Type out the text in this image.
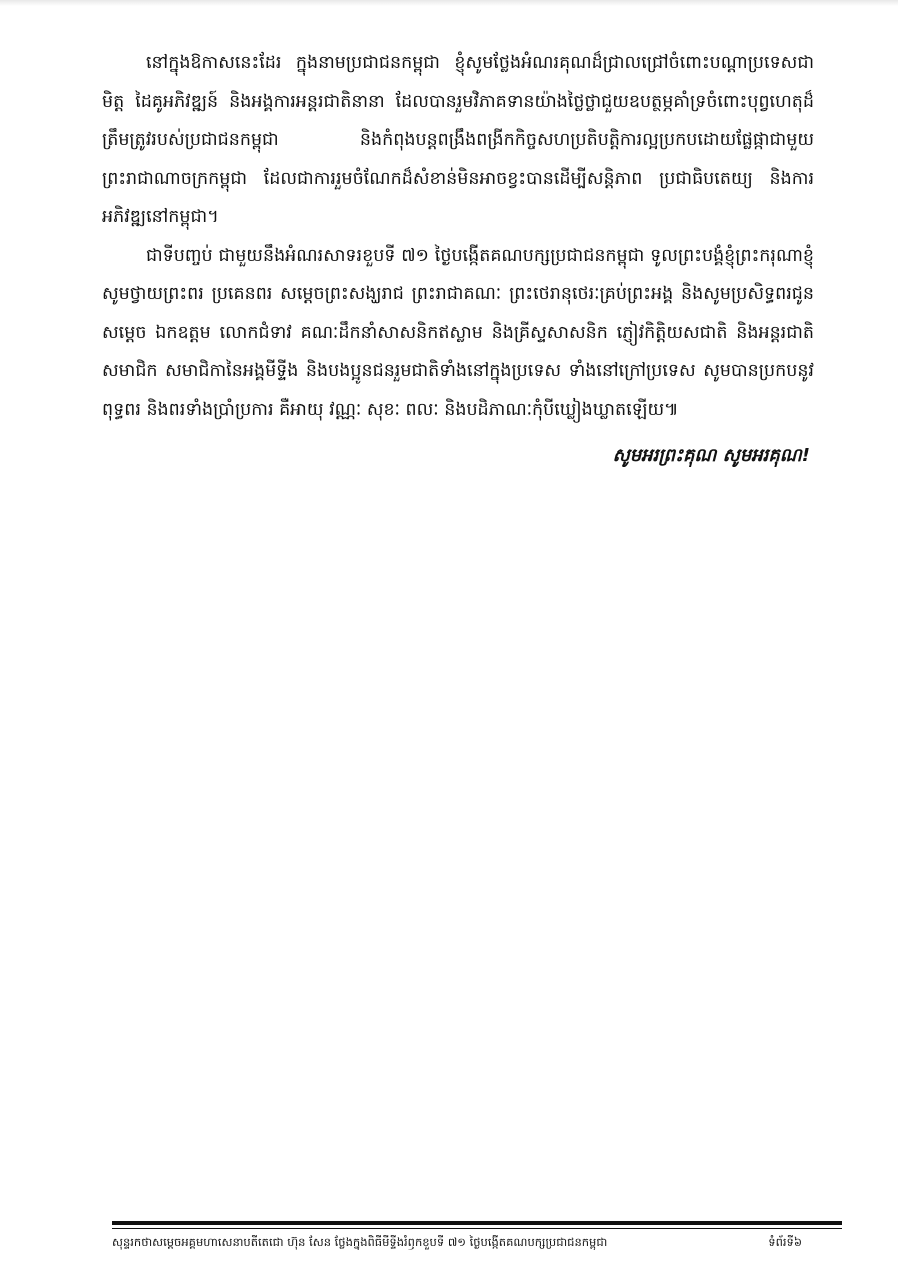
នៅក្នុងឱកាសនេះដែរ ក្នុងនាមប្រជាជនកម្ពុជា ខ្ញុំសូមថ្លែងអំណរគុណដ៏ជ្រាលជ្រៅចំពោះបណ្ដាប្រទេសជាមិត្ត ដៃគូអភិវឌ្ឍន៍ និងអង្គការអន្តរជាតិនានា ដែលបានរួមវិភាគទានយ៉ាងថ្លៃថ្លាជួយឧបត្ថម្ភគាំទ្រចំពោះបុព្វហេតុដ៏ត្រឹមត្រូវរបស់ប្រជាជនកម្ពុជា និងកំពុងបន្តពង្រឹងពង្រីកកិច្ចសហប្រតិបត្តិការល្អប្រកបដោយផ្លែផ្កាជាមួយព្រះរាជាណាចក្រកម្ពុជា ដែលជាការរួមចំណែកដ៏សំខាន់មិនអាចខ្វះបានដើម្បីសន្តិភាព ប្រជាធិបតេយ្យ និងការអភិវឌ្ឍនៅកម្ពុជា។

ជាទីបញ្ចប់ ជាមួយនឹងអំណរសាទរខួបទី ៧១ ថ្ងៃបង្កើតគណបក្សប្រជាជនកម្ពុជា ទូលព្រះបង្គំខ្ញុំព្រះករុណាខ្ញុំ សូមថ្វាយព្រះពរ ប្រគេនពរ សម្ដេចព្រះសង្ឃរាជ ព្រះរាជាគណៈ ព្រះថេរានុថេរៈគ្រប់ព្រះអង្គ និងសូមប្រសិទ្ធពរជូនសម្ដេច ឯកឧត្តម លោកជំទាវ គណៈដឹកនាំសាសនិកឥស្លាម និងគ្រីស្ទសាសនិក ភ្ញៀវកិត្តិយសជាតិ និងអន្តរជាតិ សមាជិក សមាជិកានៃអង្គមីទ្ទីង និងបងប្អូនជនរួមជាតិទាំងនៅក្នុងប្រទេស ទាំងនៅក្រៅប្រទេស សូមបានប្រកបនូវពុទ្ធពរ និងពរទាំងប្រាំប្រការ គឺអាយុ វណ្ណៈ សុខៈ ពលៈ និងបដិភាណៈកុំបីឃ្លៀងឃ្លាតឡើយ៕

សូមអរព្រះគុណ សូមអរគុណ!
សុន្ទរកថាសម្ដេចអគ្គមហាសេនាបតីតេជោ ហ៊ុន សែន ថ្លែងក្នុងពិធីមីទ្ទីងរំឭកខួបទី ៧១ ថ្ងៃបង្កើតគណបក្សប្រជាជនកម្ពុជា	ទំព័រទី៦
